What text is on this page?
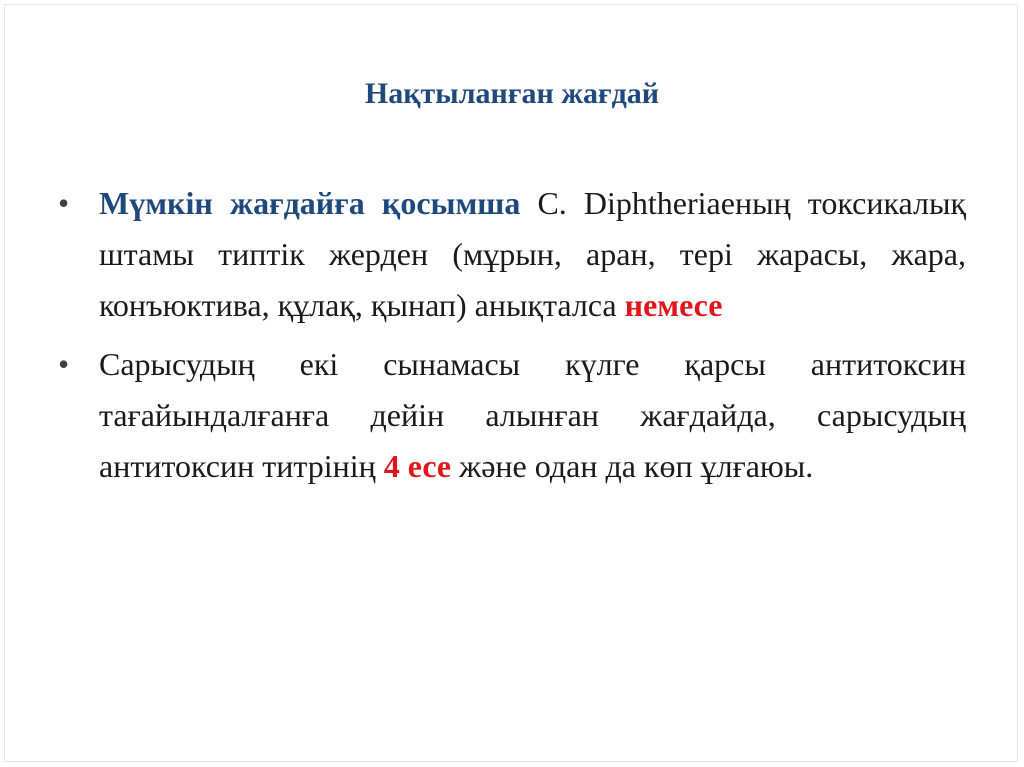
Нақтыланған жағдай
• Мүмкін жағдайға қосымша C. Diphtheriaеның токсикалық штамы типтік жерден (мұрын, аран, тері жарасы, жара, конъюктива, құлақ, қынап) анықталса немесе
• Сарысудың екі сынамасы күлге қарсы антитоксин тағайындалғанға дейін алынған жағдайда, сарысудың антитоксин титрінің 4 есе және одан да көп ұлғаюы.
